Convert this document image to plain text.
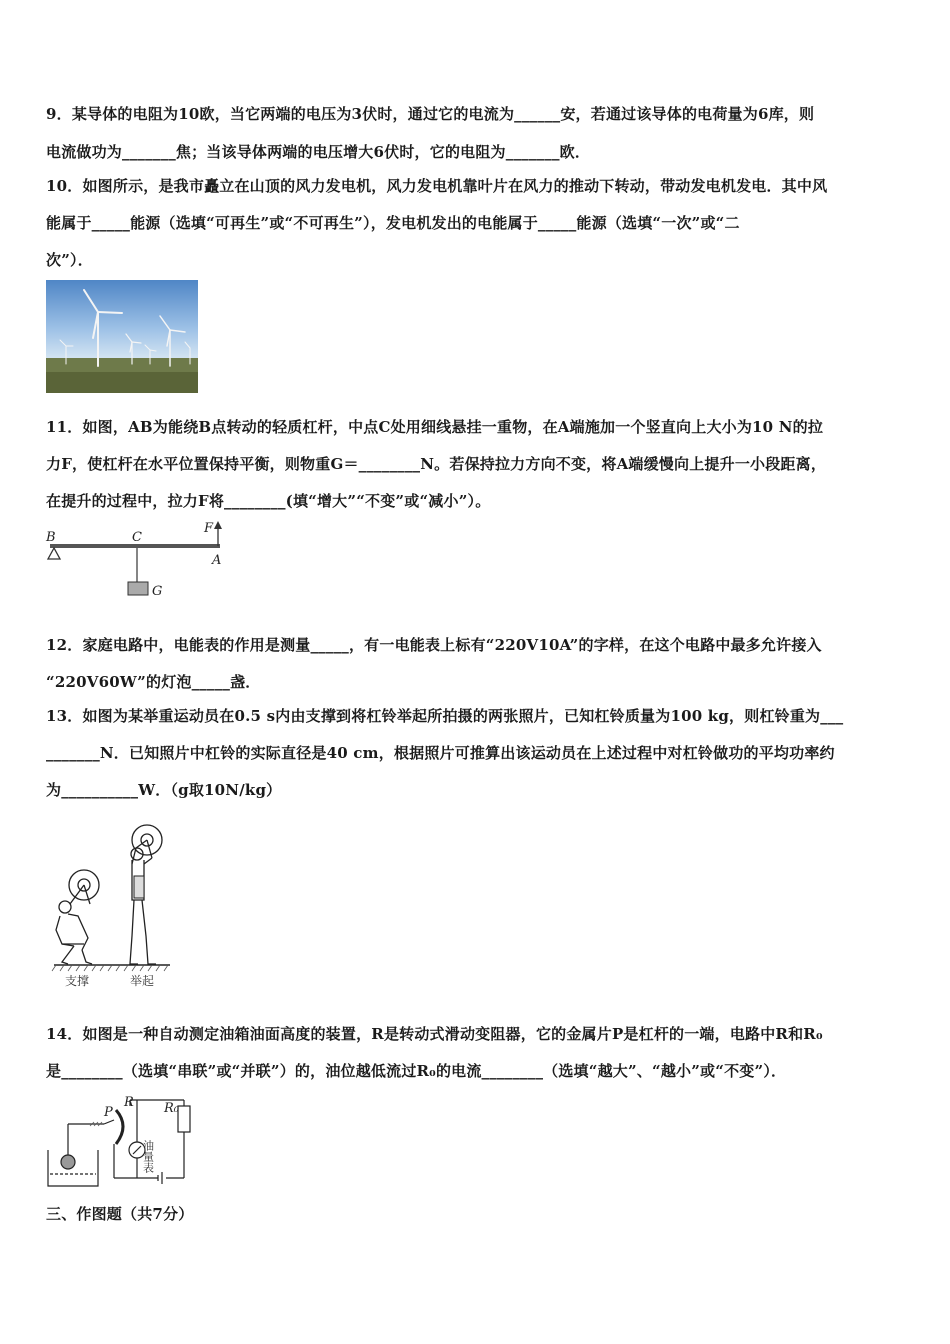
9．某导体的电阻为10欧，当它两端的电压为3伏时，通过它的电流为______安，若通过该导体的电荷量为6库，则
电流做功为_______焦；当该导体两端的电压增大6伏时，它的电阻为_______欧．
10．如图所示，是我市矗立在山顶的风力发电机，风力发电机靠叶片在风力的推动下转动，带动发电机发电．其中风
能属于_____能源（选填“可再生”或“不可再生”），发电机发出的电能属于_____能源（选填“一次”或“二
次”）．
11．如图，AB为能绕B点转动的轻质杠杆，中点C处用细线悬挂一重物，在A端施加一个竖直向上大小为10 N的拉
力F，使杠杆在水平位置保持平衡，则物重G＝________N。若保持拉力方向不变，将A端缓慢向上提升一小段距离，
在提升的过程中，拉力F将________(填“增大”“不变”或“减小”）。
B	C
F
A
G
12．家庭电路中，电能表的作用是测量_____，有一电能表上标有“220V10A”的字样，在这个电路中最多允许接入
“220V60W”的灯泡_____盏．
13．如图为某举重运动员在0.5 s内由支撑到将杠铃举起所拍摄的两张照片，已知杠铃质量为100 kg，则杠铃重为___
_______N．已知照片中杠铃的实际直径是40 cm，根据照片可推算出该运动员在上述过程中对杠铃做功的平均功率约
为__________W．（g取10N/kg）
支撑	举起
14．如图是一种自动测定油箱油面高度的装置，R是转动式滑动变阻器，它的金属片P是杠杆的一端，电路中R和R₀
是________（选填“串联”或“并联”）的，油位越低流过R₀的电流________（选填“越大”、“越小”或“不变”）．
P
R R₀
油量表
三、作图题（共7分）
